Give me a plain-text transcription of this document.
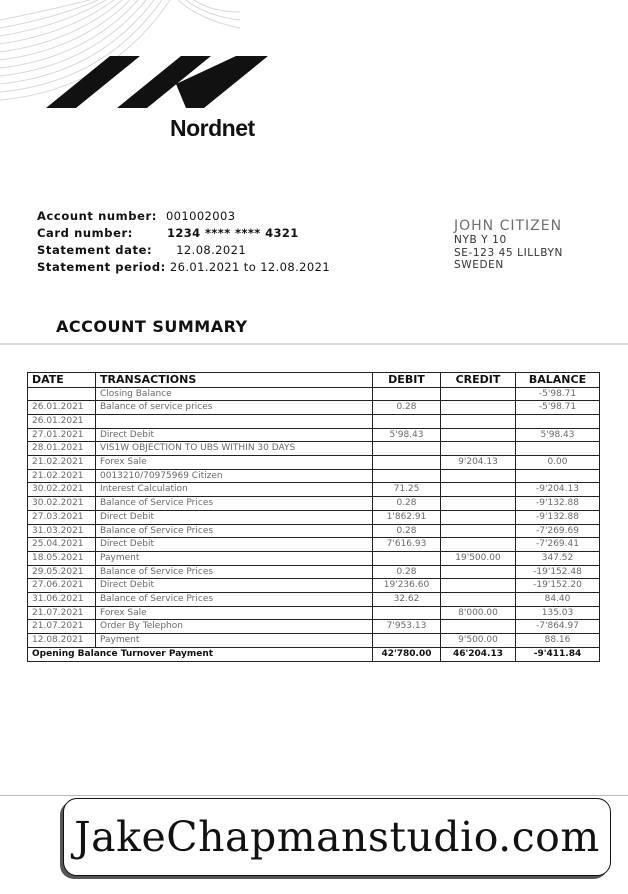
Nordnet
Account number: 001002003
Card number:	1234 **** **** 4321
Statement date: 12.08.2021
Statement period: 26.01.2021 to 12.08.2021
JOHN CITIZEN
NYB Y 10
SE-123 45 LILLBYN
SWEDEN
ACCOUNT SUMMARY
DATE	TRANSACTIONS	DEBIT	CREDIT	BALANCE
	Closing Balance			-5'98.71
26.01.2021	Balance of service prices	0.28		-5'98.71
26.01.2021				
27.01.2021	Direct Debit	5'98.43		5'98.43
28.01.2021	VIS1W OBJECTION TO UBS WITHIN 30 DAYS			
21.02.2021	Forex Sale		9'204.13	0.00
21.02.2021	0013210/70975969 Citizen			
30.02.2021	Interest Calculation	71.25		-9'204.13
30.02.2021	Balance of Service Prices	0.28		-9'132.88
27.03.2021	Direct Debit	1'862.91		-9'132.88
31.03.2021	Balance of Service Prices	0.28		-7'269.69
25.04.2021	Direct Debit	7'616.93		-7'269.41
18.05.2021	Payment		19'500.00	347.52
29.05.2021	Balance of Service Prices	0.28		-19'152.48
27.06.2021	Direct Debit	19'236.60		-19'152.20
31.06.2021	Balance of Service Prices	32.62		84.40
21.07.2021	Forex Sale		8'000.00	135.03
21.07.2021	Order By Telephon	7'953.13		-7'864.97
12.08.2021	Payment		9'500.00	88.16
Opening Balance Turnover Payment		42'780.00	46'204.13	-9'411.84
JakeChapmanstudio.com
